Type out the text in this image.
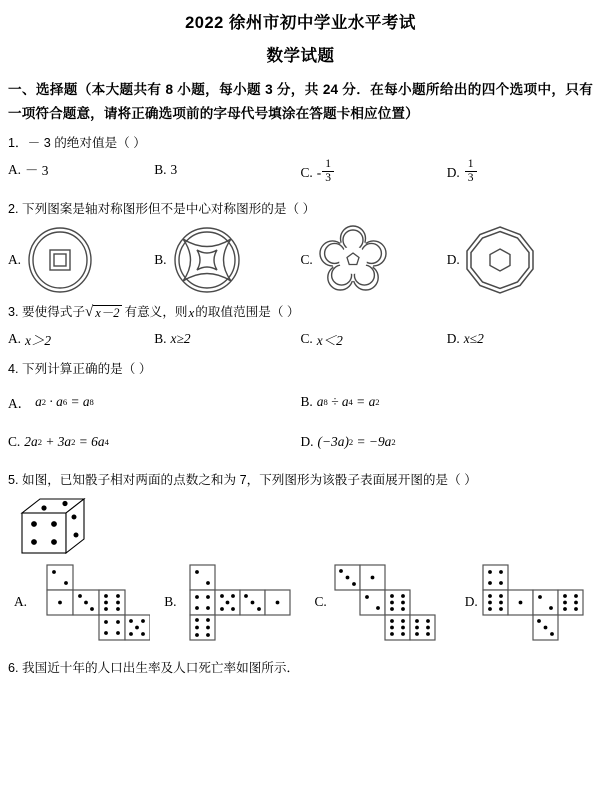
2022 徐州市初中学业水平考试
数学试题
一、选择题（本大题共有 8 小题，每小题 3 分，共 24 分．在每小题所给出的四个选项中，只有一项符合题意，请将正确选项前的字母代号填涂在答题卡相应位置）
1．－ 3 的绝对值是（ ）
A. － 3	B. 3	C. - $\frac{1}{3}$	D. $\frac{1}{3}$
2. 下列图案是轴对称图形但不是中心对称图形的是（ ）
A.	B.	C.	D.
3. 要使得式子 √ x－2 有意义，则 x 的取值范围是（ ）
A. x＞2	B. x≥2	C. x＜2	D. x≤2
4. 下列计算正确的是（ ）
A． a 2 · a 6 = a 8	B. a 8 ÷ a 4 = a 2
C. 2 a 2 + 3 a 2 = 6 a 4	D. (−3 a ) 2 = −9 a 2
5. 如图，已知骰子相对两面的点数之和为 7，下列图形为该骰子表面展开图的是（ ）
A.	B.	C.	D.
6. 我国近十年的人口出生率及人口死亡率如图所示．
